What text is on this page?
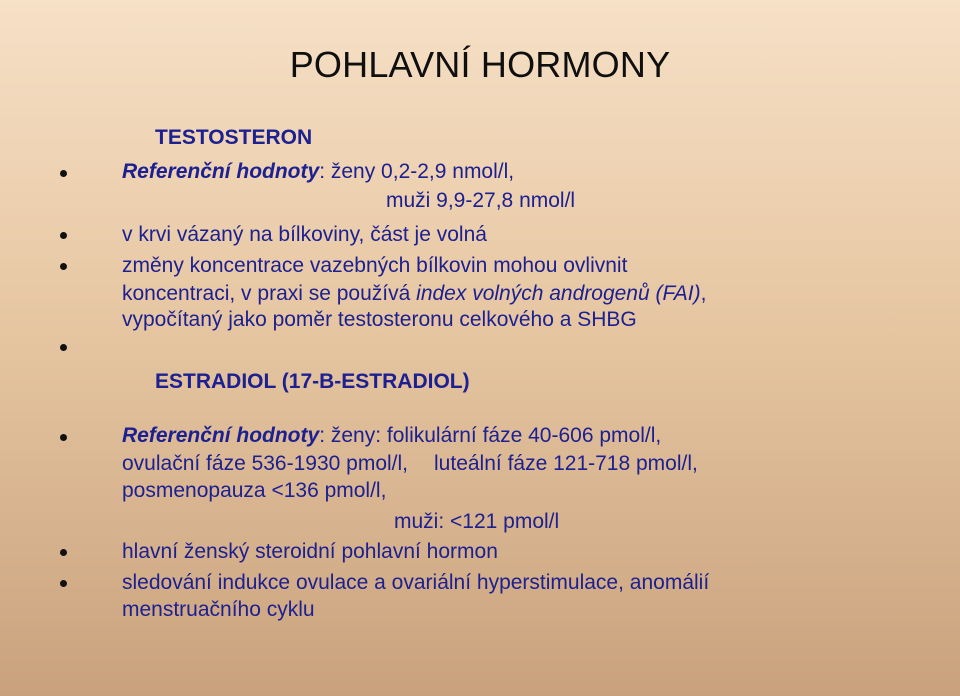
POHLAVNÍ HORMONY
TESTOSTERON
Referenční hodnoty: ženy 0,2-2,9 nmol/l,
muži 9,9-27,8 nmol/l
v krvi vázaný na bílkoviny, část je volná
změny koncentrace vazebných bílkovin mohou ovlivnit
koncentraci, v praxi se používá index volných androgenů (FAI),
vypočítaný jako poměr testosteronu celkového a SHBG
ESTRADIOL (17-B-ESTRADIOL)
Referenční hodnoty: ženy: folikulární fáze 40-606 pmol/l,
ovulační fáze 536-1930 pmol/l, luteální fáze 121-718 pmol/l,
posmenopauza <136 pmol/l,
muži: <121 pmol/l
hlavní ženský steroidní pohlavní hormon
sledování indukce ovulace a ovariální hyperstimulace, anomálií
menstruačního cyklu
